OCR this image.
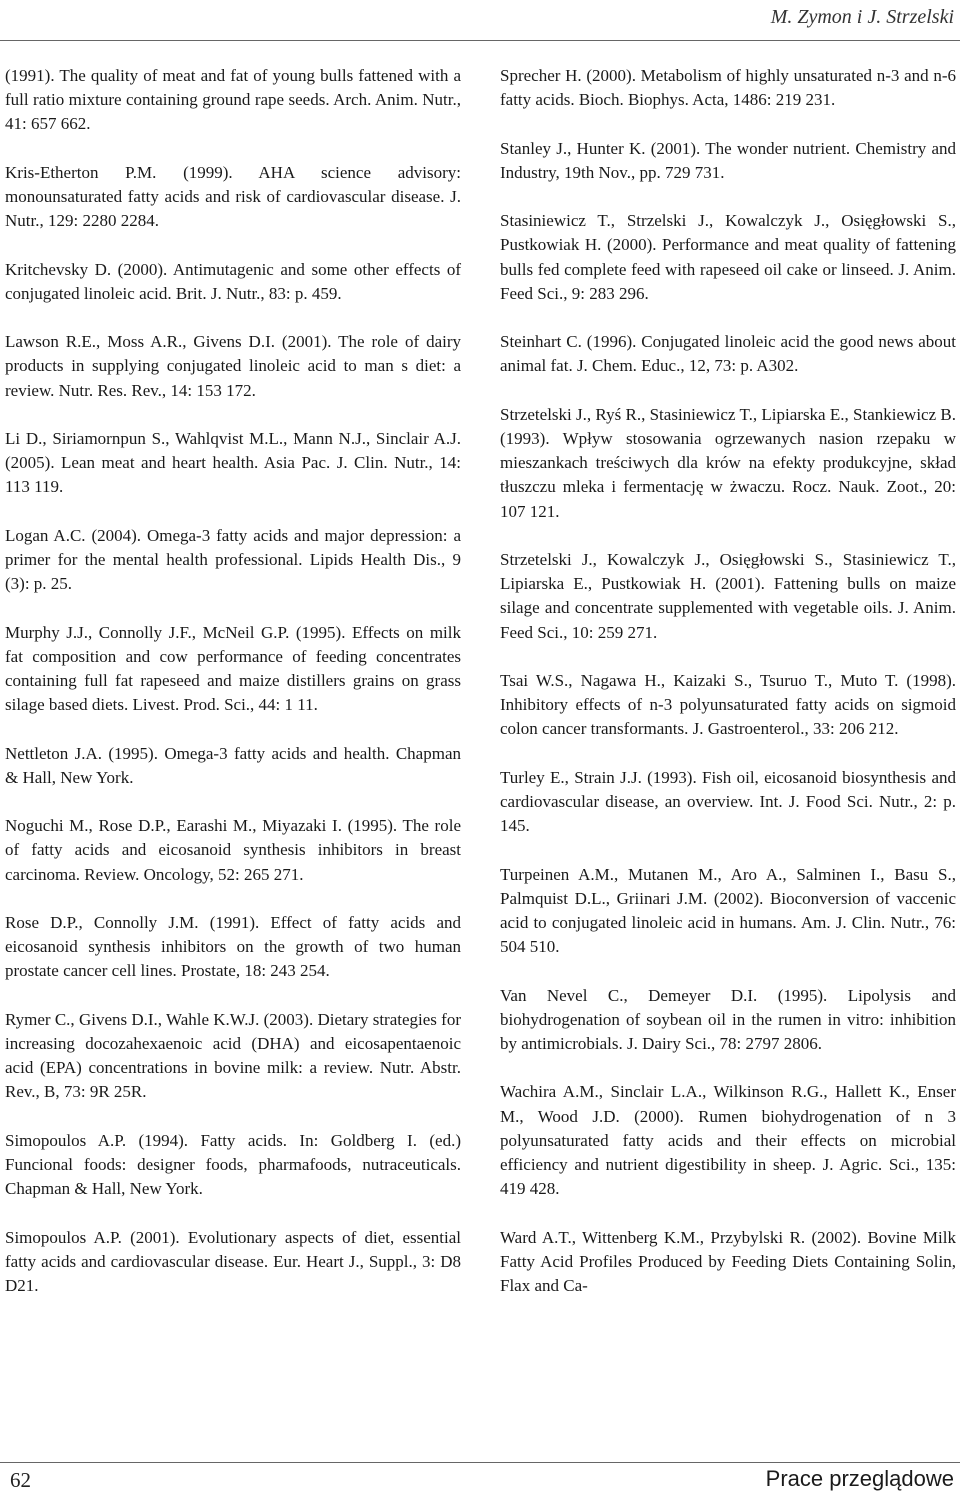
M. Zymon i J. Strzelski

(1991). The quality of meat and fat of young bulls fattened with a full ratio mixture containing ground rape seeds. Arch. Anim. Nutr., 41: 657 662.

Kris-Etherton P.M. (1999). AHA science advisory: monounsaturated fatty acids and risk of cardiovascular disease. J. Nutr., 129: 2280 2284.

Kritchevsky D. (2000). Antimutagenic and some other effects of conjugated linoleic acid. Brit. J. Nutr., 83: p. 459.

Lawson R.E., Moss A.R., Givens D.I. (2001). The role of dairy products in supplying conjugated linoleic acid to man s diet: a review. Nutr. Res. Rev., 14: 153 172.

Li D., Siriamornpun S., Wahlqvist M.L., Mann N.J., Sinclair A.J. (2005). Lean meat and heart health. Asia Pac. J. Clin. Nutr., 14: 113 119.

Logan A.C. (2004). Omega-3 fatty acids and major depression: a primer for the mental health professional. Lipids Health Dis., 9 (3): p. 25.

Murphy J.J., Connolly J.F., McNeil G.P. (1995). Effects on milk fat composition and cow performance of feeding concentrates containing full fat rapeseed and maize distillers grains on grass silage based diets. Livest. Prod. Sci., 44: 1 11.

Nettleton J.A. (1995). Omega-3 fatty acids and health. Chapman & Hall, New York.

Noguchi M., Rose D.P., Earashi M., Miyazaki I. (1995). The role of fatty acids and eicosanoid synthesis inhibitors in breast carcinoma. Review. Oncology, 52: 265 271.

Rose D.P., Connolly J.M. (1991). Effect of fatty acids and eicosanoid synthesis inhibitors on the growth of two human prostate cancer cell lines. Prostate, 18: 243 254.

Rymer C., Givens D.I., Wahle K.W.J. (2003). Dietary strategies for increasing docozahexaenoic acid (DHA) and eicosapentaenoic acid (EPA) concentrations in bovine milk: a review. Nutr. Abstr. Rev., B, 73: 9R 25R.

Simopoulos A.P. (1994). Fatty acids. In: Goldberg I. (ed.) Funcional foods: designer foods, pharmafoods, nutraceuticals. Chapman & Hall, New York.

Simopoulos A.P. (2001). Evolutionary aspects of diet, essential fatty acids and cardiovascular disease. Eur. Heart J., Suppl., 3: D8 D21.

Sprecher H. (2000). Metabolism of highly unsaturated n-3 and n-6 fatty acids. Bioch. Biophys. Acta, 1486: 219 231.

Stanley J., Hunter K. (2001). The wonder nutrient. Chemistry and Industry, 19th Nov., pp. 729 731.

Stasiniewicz T., Strzelski J., Kowalczyk J., Osięgłowski S., Pustkowiak H. (2000). Performance and meat quality of fattening bulls fed complete feed with rapeseed oil cake or linseed. J. Anim. Feed Sci., 9: 283 296.

Steinhart C. (1996). Conjugated linoleic acid the good news about animal fat. J. Chem. Educ., 12, 73: p. A302.

Strzetelski J., Ryś R., Stasiniewicz T., Lipiarska E., Stankiewicz B. (1993). Wpływ stosowania ogrzewanych nasion rzepaku w mieszankach treściwych dla krów na efekty produkcyjne, skład tłuszczu mleka i fermentację w żwaczu. Rocz. Nauk. Zoot., 20: 107 121.

Strzetelski J., Kowalczyk J., Osięgłowski S., Stasiniewicz T., Lipiarska E., Pustkowiak H. (2001). Fattening bulls on maize silage and concentrate supplemented with vegetable oils. J. Anim. Feed Sci., 10: 259 271.

Tsai W.S., Nagawa H., Kaizaki S., Tsuruo T., Muto T. (1998). Inhibitory effects of n-3 polyunsaturated fatty acids on sigmoid colon cancer transformants. J. Gastroenterol., 33: 206 212.

Turley E., Strain J.J. (1993). Fish oil, eicosanoid biosynthesis and cardiovascular disease, an overview. Int. J. Food Sci. Nutr., 2: p. 145.

Turpeinen A.M., Mutanen M., Aro A., Salminen I., Basu S., Palmquist D.L., Griinari J.M. (2002). Bioconversion of vaccenic acid to conjugated linoleic acid in humans. Am. J. Clin. Nutr., 76: 504 510.

Van Nevel C., Demeyer D.I. (1995). Lipolysis and biohydrogenation of soybean oil in the rumen in vitro: inhibition by antimicrobials. J. Dairy Sci., 78: 2797 2806.

Wachira A.M., Sinclair L.A., Wilkinson R.G., Hallett K., Enser M., Wood J.D. (2000). Rumen biohydrogenation of n 3 polyunsaturated fatty acids and their effects on microbial efficiency and nutrient digestibility in sheep. J. Agric. Sci., 135: 419 428.

Ward A.T., Wittenberg K.M., Przybylski R. (2002). Bovine Milk Fatty Acid Profiles Produced by Feeding Diets Containing Solin, Flax and Ca-

62	Prace przeglądowe
